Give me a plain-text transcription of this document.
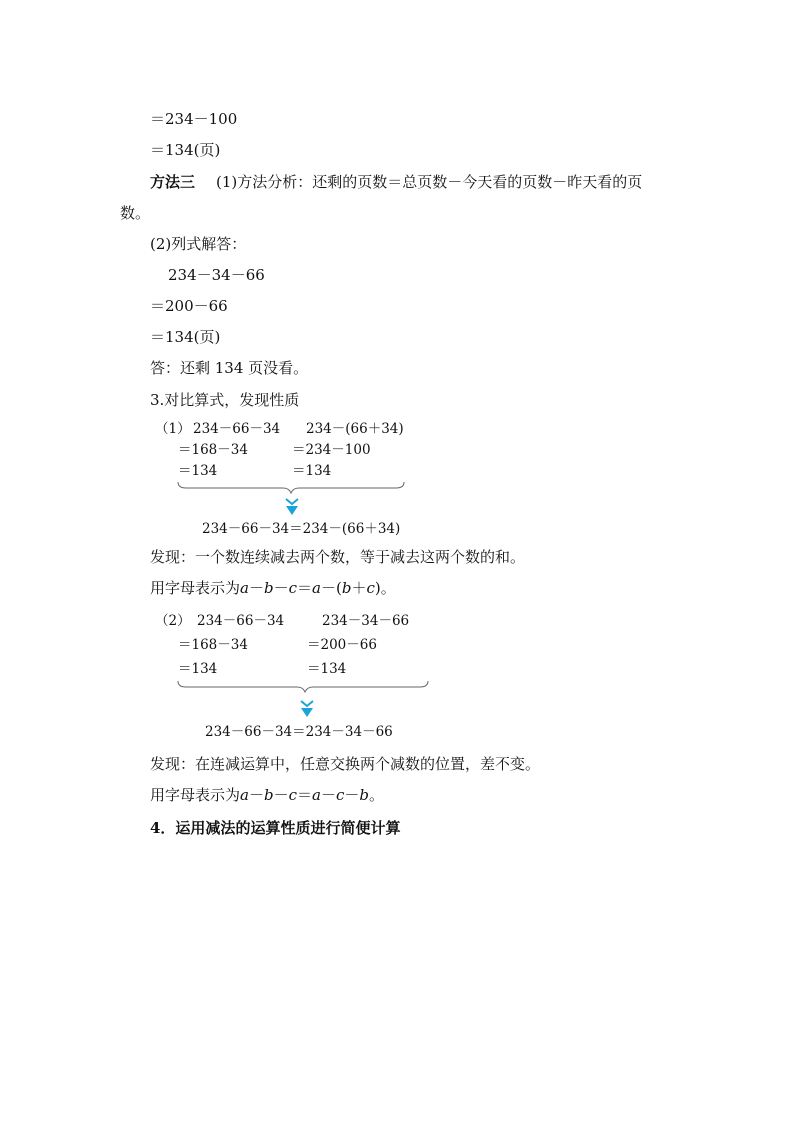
＝234－100
＝134(页)
方法三 (1)方法分析：还剩的页数＝总页数－今天看的页数－昨天看的页
数。
(2)列式解答：
234－34－66
＝200－66
＝134(页)
答：还剩 134 页没看。
3.对比算式，发现性质
（1） 234－66－34
＝168－34
＝134
234－(66＋34)
＝234－100
＝134
234－66－34＝234－(66＋34)
发现：一个数连续减去两个数，等于减去这两个数的和。
用字母表示为a－b－c＝a－(b＋c)。
（2） 234－66－34
＝168－34
＝134
234－34－66
＝200－66
＝134
234－66－34＝234－34－66
发现：在连减运算中，任意交换两个减数的位置，差不变。
用字母表示为a－b－c＝a－c－b。
4．运用减法的运算性质进行简便计算
